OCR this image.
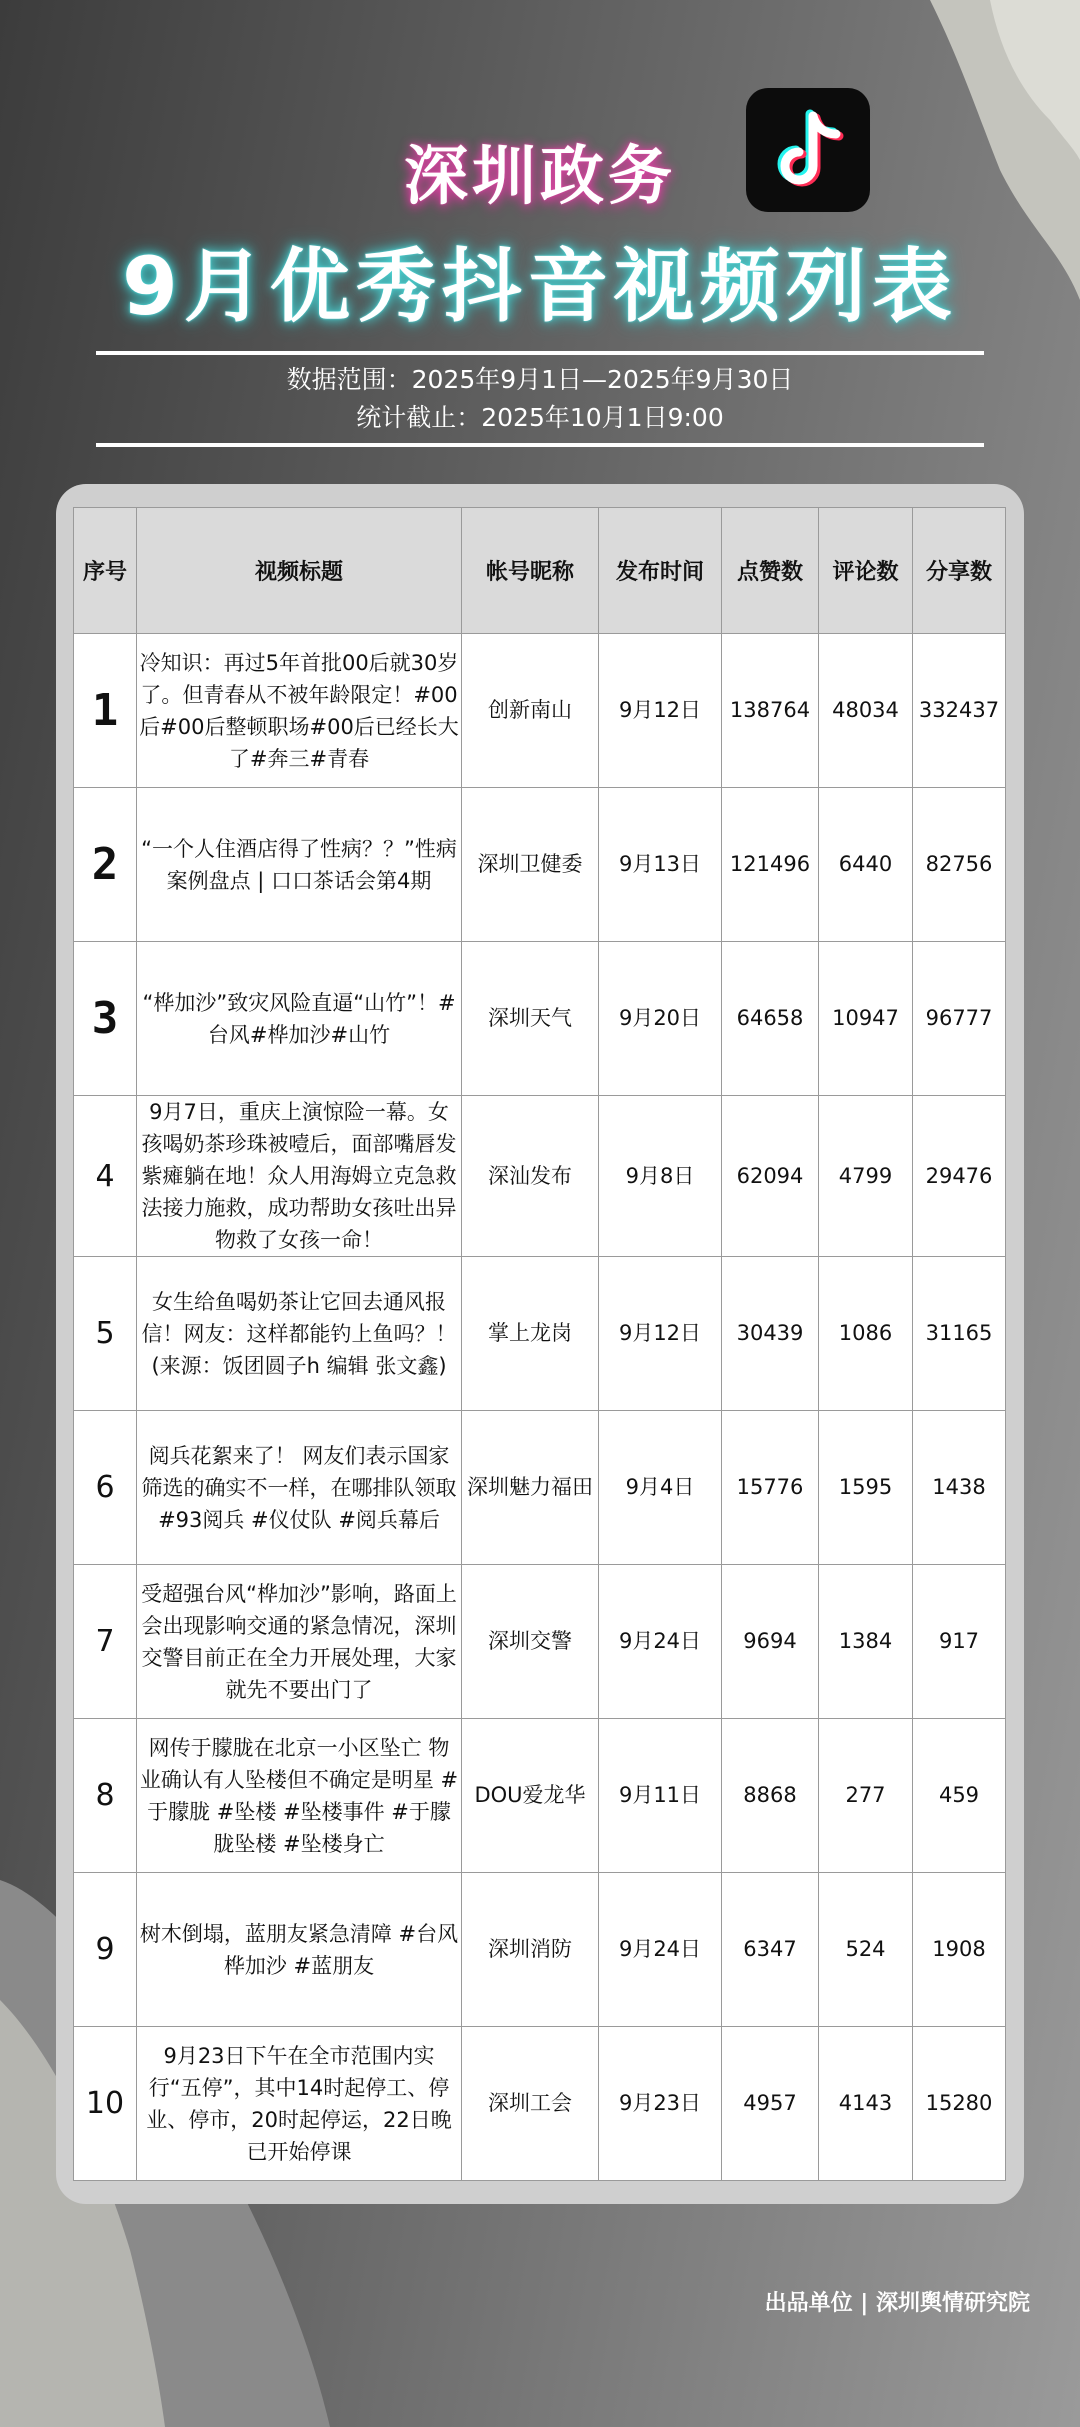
深圳政务
9月优秀抖音视频列表
数据范围：2025年9月1日—2025年9月30日
统计截止：2025年10月1日9:00
序号	视频标题	帐号昵称	发布时间	点赞数	评论数	分享数
1	冷知识：再过5年首批00后就30岁了。但青春从不被年龄限定！#00后#00后整顿职场#00后已经长大了#奔三#青春	创新南山	9月12日	138764	48034	332437
2	“一个人住酒店得了性病？？”性病案例盘点 | 口口茶话会第4期	深圳卫健委	9月13日	121496	6440	82756
3	“桦加沙”致灾风险直逼“山竹”！#台风#桦加沙#山竹	深圳天气	9月20日	64658	10947	96777
4	9月7日，重庆上演惊险一幕。女孩喝奶茶珍珠被噎后，面部嘴唇发紫瘫躺在地！众人用海姆立克急救法接力施救，成功帮助女孩吐出异物救了女孩一命！	深汕发布	9月8日	62094	4799	29476
5	女生给鱼喝奶茶让它回去通风报信！网友：这样都能钓上鱼吗？！(来源：饭团圆子h 编辑 张文鑫)	掌上龙岗	9月12日	30439	1086	31165
6	阅兵花絮来了！ 网友们表示国家筛选的确实不一样，在哪排队领取#93阅兵 #仪仗队 #阅兵幕后	深圳魅力福田	9月4日	15776	1595	1438
7	受超强台风“桦加沙”影响，路面上会出现影响交通的紧急情况，深圳交警目前正在全力开展处理，大家就先不要出门了	深圳交警	9月24日	9694	1384	917
8	网传于朦胧在北京一小区坠亡 物业确认有人坠楼但不确定是明星 #于朦胧 #坠楼 #坠楼事件 #于朦胧坠楼 #坠楼身亡	DOU爱龙华	9月11日	8868	277	459
9	树木倒塌，蓝朋友紧急清障 #台风桦加沙 #蓝朋友	深圳消防	9月24日	6347	524	1908
10	9月23日下午在全市范围内实行“五停”，其中14时起停工、停业、停市，20时起停运，22日晚已开始停课	深圳工会	9月23日	4957	4143	15280
出品单位 | 深圳舆情研究院
